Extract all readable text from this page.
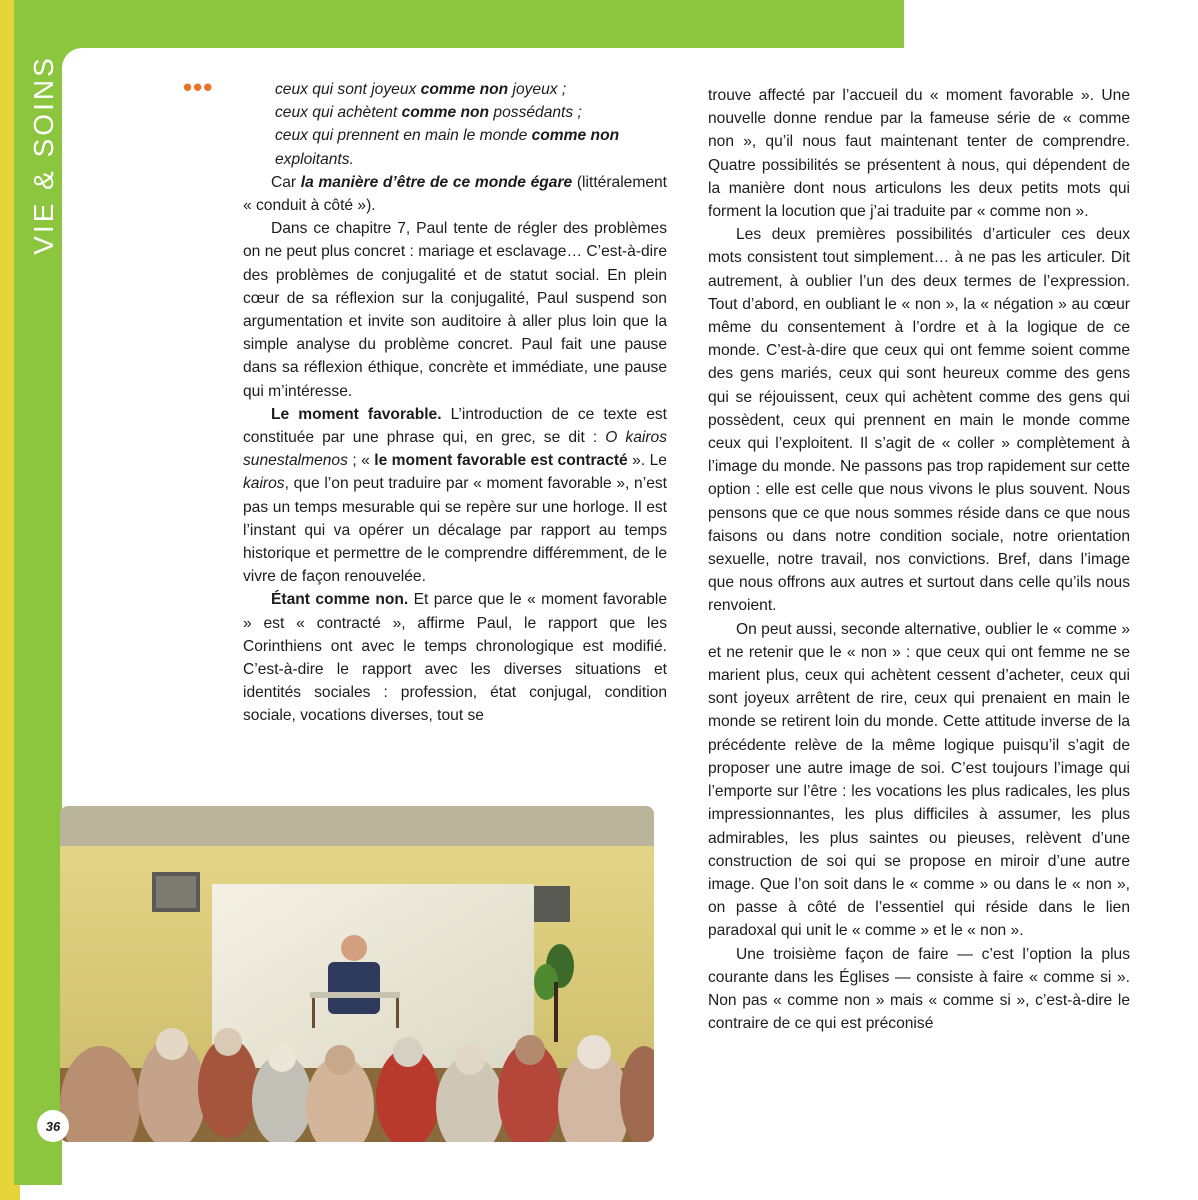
VIE & SOINS	•••	ceux qui sont joyeux comme non joyeux ;

ceux qui achètent comme non possédants ;

ceux qui prennent en main le monde comme non exploitants.

Car la manière d’être de ce monde égare (littéralement « conduit à côté »).

Dans ce chapitre 7, Paul tente de régler des problèmes on ne peut plus concret : mariage et esclavage… C’est-à-dire des problèmes de conjugalité et de statut social. En plein cœur de sa réflexion sur la conjugalité, Paul suspend son argumentation et invite son auditoire à aller plus loin que la simple analyse du problème concret. Paul fait une pause dans sa réflexion éthique, concrète et immédiate, une pause qui m’intéresse.

Le moment favorable. L’introduction de ce texte est constituée par une phrase qui, en grec, se dit : O kairos sunestalmenos ; « le moment favorable est contracté ». Le kairos, que l’on peut traduire par « moment favorable », n’est pas un temps mesurable qui se repère sur une horloge. Il est l’instant qui va opérer un décalage par rapport au temps historique et permettre de le comprendre différemment, de le vivre de façon renouvelée.

Étant comme non. Et parce que le « moment favorable » est « contracté », affirme Paul, le rapport que les Corinthiens ont avec le temps chronologique est modifié. C’est-à-dire le rapport avec les diverses situations et identités sociales : profession, état conjugal, condition sociale, vocations diverses, tout se

trouve affecté par l’accueil du « moment favorable ». Une nouvelle donne rendue par la fameuse série de « comme non », qu’il nous faut maintenant tenter de comprendre. Quatre possibilités se présentent à nous, qui dépendent de la manière dont nous articulons les deux petits mots qui forment la locution que j’ai traduite par « comme non ».

Les deux premières possibilités d’articuler ces deux mots consistent tout simplement… à ne pas les articuler. Dit autrement, à oublier l’un des deux termes de l’expression. Tout d’abord, en oubliant le « non », la « négation » au cœur même du consentement à l’ordre et à la logique de ce monde. C’est-à-dire que ceux qui ont femme soient comme des gens mariés, ceux qui sont heureux comme des gens qui se réjouissent, ceux qui achètent comme des gens qui possèdent, ceux qui prennent en main le monde comme ceux qui l’exploitent. Il s’agit de « coller » complètement à l’image du monde. Ne passons pas trop rapidement sur cette option : elle est celle que nous vivons le plus souvent. Nous pensons que ce que nous sommes réside dans ce que nous faisons ou dans notre condition sociale, notre orientation sexuelle, notre travail, nos convictions. Bref, dans l’image que nous offrons aux autres et surtout dans celle qu’ils nous renvoient.

On peut aussi, seconde alternative, oublier le « comme » et ne retenir que le « non » : que ceux qui ont femme ne se marient plus, ceux qui achètent cessent d’acheter, ceux qui sont joyeux arrêtent de rire, ceux qui prenaient en main le monde se retirent loin du monde. Cette attitude inverse de la précédente relève de la même logique puisqu’il s’agit de proposer une autre image de soi. C’est toujours l’image qui l’emporte sur l’être : les vocations les plus radicales, les plus impressionnantes, les plus difficiles à assumer, les plus admirables, les plus saintes ou pieuses, relèvent d’une construction de soi qui se propose en miroir d’une autre image. Que l’on soit dans le « comme » ou dans le « non », on passe à côté de l’essentiel qui réside dans le lien paradoxal qui unit le « comme » et le « non ».

Une troisième façon de faire — c’est l’option la plus courante dans les Églises — consiste à faire « comme si ». Non pas « comme non » mais « comme si », c’est-à-dire le contraire de ce qui est préconisé

36
